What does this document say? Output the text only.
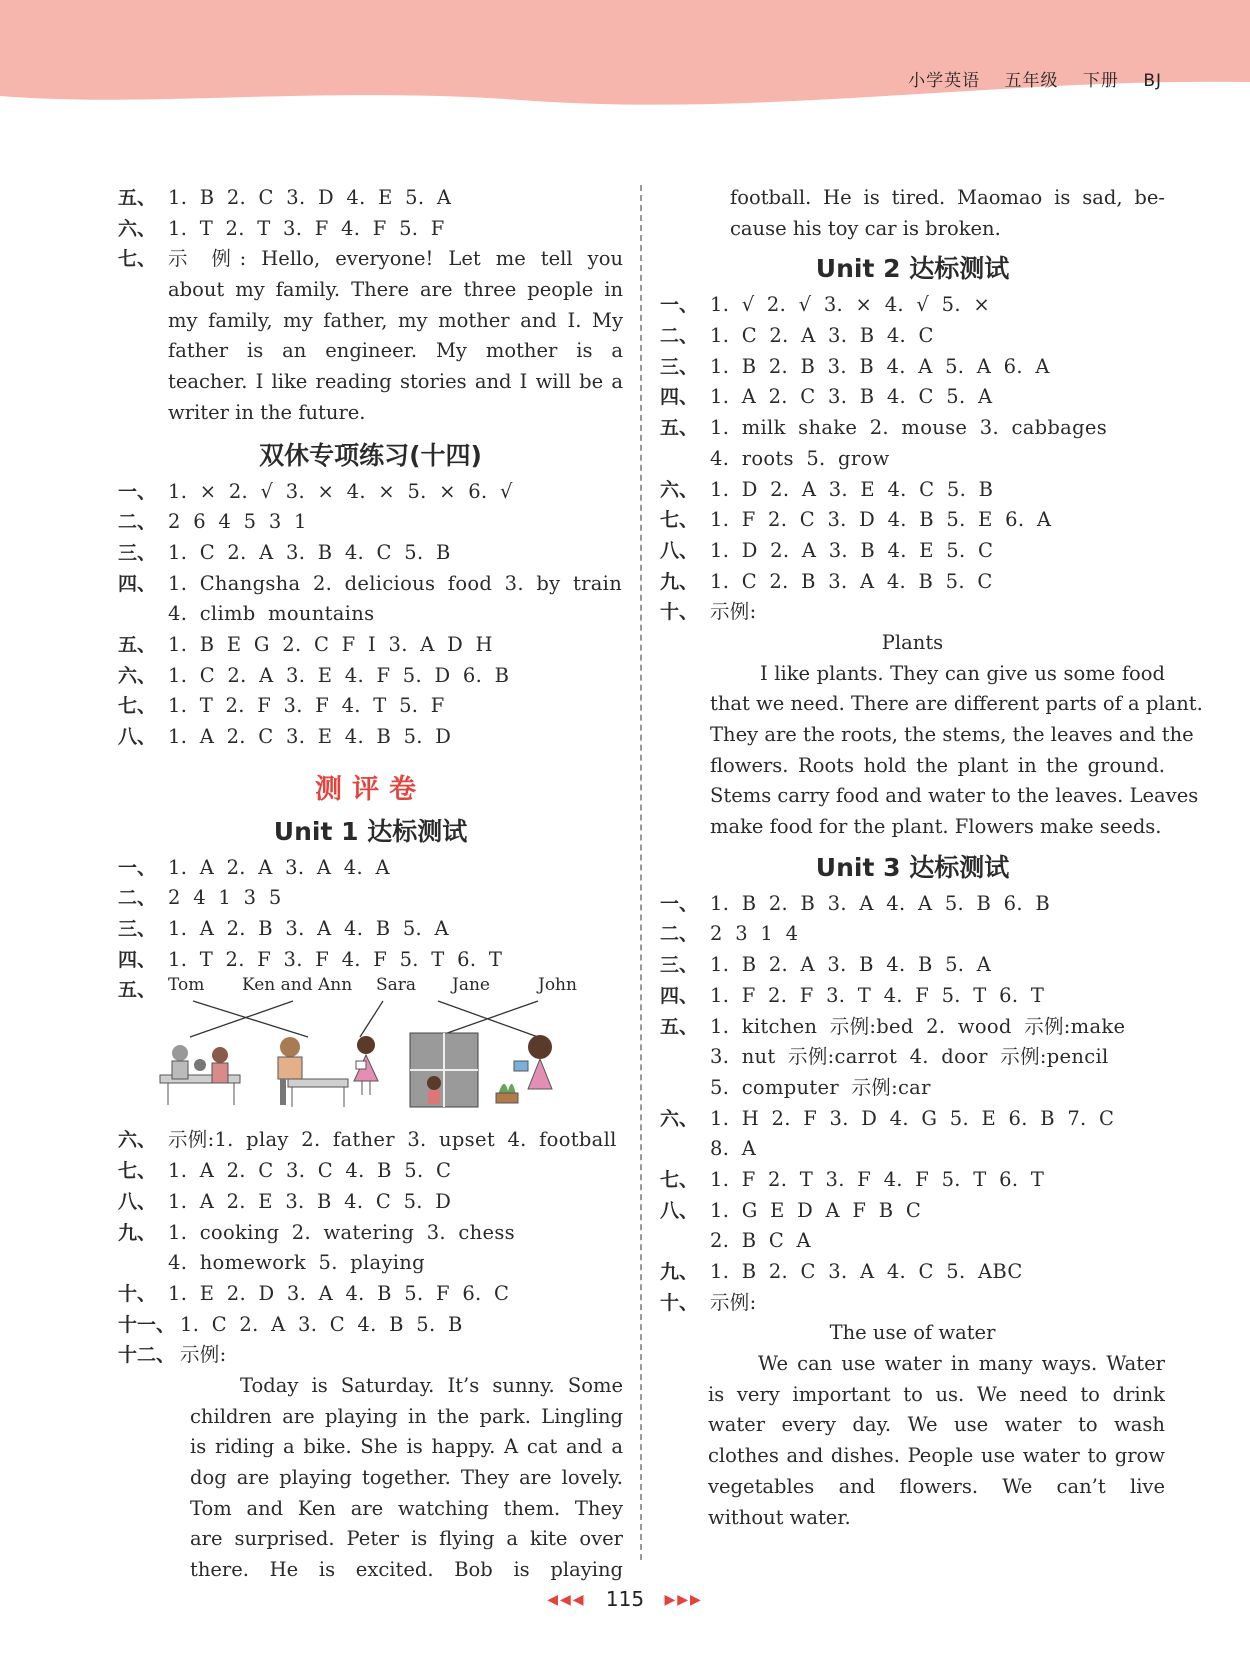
小学英语 五年级 下册 BJ
五、 1. B 2. C 3. D 4. E 5. A
六、 1. T 2. T 3. F 4. F 5. F
七、 示 例: Hello, everyone! Let me tell you
about my family. There are three people in
my family, my father, my mother and I. My
father is an engineer. My mother is a
teacher. I like reading stories and I will be a
writer in the future.
双休专项练习(十四)
一、 1. × 2. √ 3. × 4. × 5. × 6. √
二、 2 6 4 5 3 1
三、 1. C 2. A 3. B 4. C 5. B
四、 1. Changsha 2. delicious food 3. by train
4. climb mountains
五、 1. B E G 2. C F I 3. A D H
六、 1. C 2. A 3. E 4. F 5. D 6. B
七、 1. T 2. F 3. F 4. T 5. F
八、 1. A 2. C 3. E 4. B 5. D
测评卷
Unit 1 达标测试
一、 1. A 2. A 3. A 4. A
二、 2 4 1 3 5
三、 1. A 2. B 3. A 4. B 5. A
四、 1. T 2. F 3. F 4. F 5. T 6. T
五、 Tom Ken and Ann Sara Jane	John
六、 示例:1. play 2. father 3. upset 4. football
七、 1. A 2. C 3. C 4. B 5. C
八、 1. A 2. E 3. B 4. C 5. D
九、 1. cooking 2. watering 3. chess
4. homework 5. playing
十、 1. E 2. D 3. A 4. B 5. F 6. C
十一、 1. C 2. A 3. C 4. B 5. B
十二、 示例:
Today is Saturday. It’s sunny. Some
children are playing in the park. Lingling
is riding a bike. She is happy. A cat and a
dog are playing together. They are lovely.
Tom and Ken are watching them. They
are surprised. Peter is flying a kite over
there. He is excited. Bob is playing
football. He is tired. Maomao is sad, be-
cause his toy car is broken.
Unit 2 达标测试
一、 1. √ 2. √ 3. × 4. √ 5. ×
二、 1. C 2. A 3. B 4. C
三、 1. B 2. B 3. B 4. A 5. A 6. A
四、 1. A 2. C 3. B 4. C 5. A
五、 1. milk shake 2. mouse 3. cabbages
4. roots 5. grow
六、 1. D 2. A 3. E 4. C 5. B
七、 1. F 2. C 3. D 4. B 5. E 6. A
八、 1. D 2. A 3. B 4. E 5. C
九、 1. C 2. B 3. A 4. B 5. C
十、 示例:
Plants
I like plants. They can give us some food
that we need. There are different parts of a plant.
They are the roots, the stems, the leaves and the
flowers. Roots hold the plant in the ground.
Stems carry food and water to the leaves. Leaves
make food for the plant. Flowers make seeds.
Unit 3 达标测试
一、 1. B 2. B 3. A 4. A 5. B 6. B
二、 2 3 1 4
三、 1. B 2. A 3. B 4. B 5. A
四、 1. F 2. F 3. T 4. F 5. T 6. T
五、 1. kitchen 示例:bed 2. wood 示例:make
3. nut 示例:carrot 4. door 示例:pencil
5. computer 示例:car
六、 1. H 2. F 3. D 4. G 5. E 6. B 7. C
8. A
七、 1. F 2. T 3. F 4. F 5. T 6. T
八、 1. G E D A F B C
2. B C A
九、 1. B 2. C 3. A 4. C 5. ABC
十、 示例:
The use of water
We can use water in many ways. Water
is very important to us. We need to drink
water every day. We use water to wash
clothes and dishes. People use water to grow
vegetables and flowers. We can’t live
without water.
◀◀◀ 115 ▶▶▶
